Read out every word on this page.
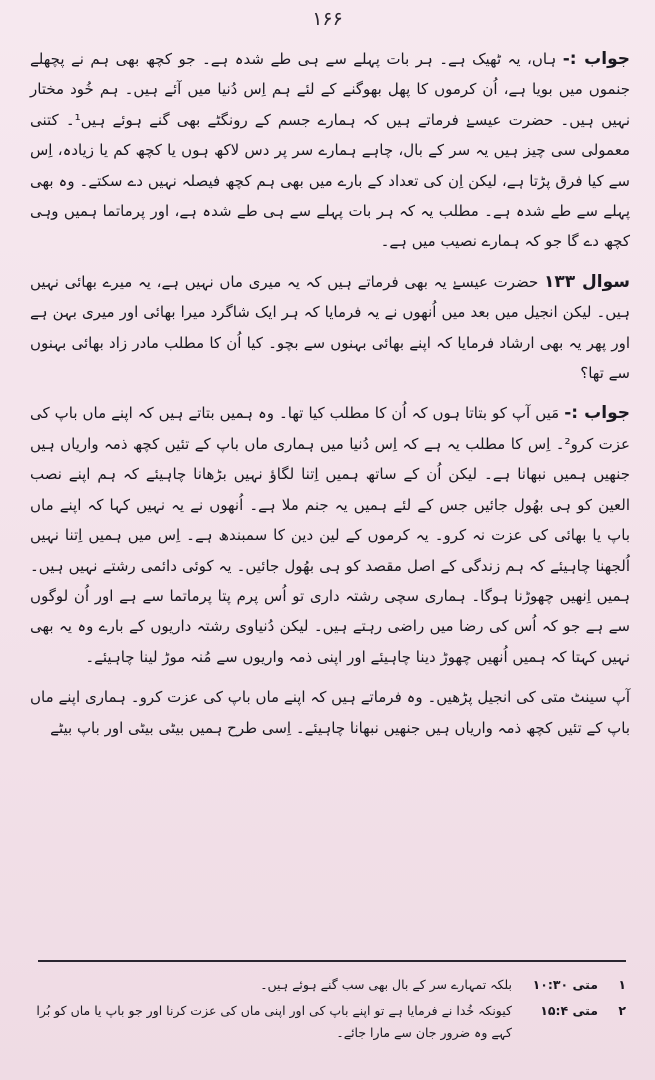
۱۶۶

جواب :- ہاں، یہ ٹھیک ہے۔ ہر بات پہلے سے ہی طے شدہ ہے۔ جو کچھ بھی ہم نے پچھلے جنموں میں بویا ہے، اُن کرموں کا پھل بھوگنے کے لئے ہم اِس دُنیا میں آئے ہیں۔ ہم خُود مختار نہیں ہیں۔ حضرت عیسےٰ فرماتے ہیں کہ ہمارے جسم کے رونگٹے بھی گنے ہوئے ہیں¹۔ کتنی معمولی سی چیز ہیں یہ سر کے بال، چاہے ہمارے سر پر دس لاکھ ہوں یا کچھ کم یا زیادہ، اِس سے کیا فرق پڑتا ہے، لیکن اِن کی تعداد کے بارے میں بھی ہم کچھ فیصلہ نہیں دے سکتے۔ وہ بھی پہلے سے طے شدہ ہے۔ مطلب یہ کہ ہر بات پہلے سے ہی طے شدہ ہے، اور پرماتما ہمیں وہی کچھ دے گا جو کہ ہمارے نصیب میں ہے۔

سوال ۱۳۳ حضرت عیسےٰ یہ بھی فرماتے ہیں کہ یہ میری ماں نہیں ہے، یہ میرے بھائی نہیں ہیں۔ لیکن انجیل میں بعد میں اُنھوں نے یہ فرمایا کہ ہر ایک شاگرد میرا بھائی اور میری بہن ہے اور پھر یہ بھی ارشاد فرمایا کہ اپنے بھائی بہنوں سے بچو۔ کیا اُن کا مطلب مادر زاد بھائی بہنوں سے تھا؟

جواب :- مَیں آپ کو بتاتا ہوں کہ اُن کا مطلب کیا تھا۔ وہ ہمیں بتاتے ہیں کہ اپنے ماں باپ کی عزت کرو²۔ اِس کا مطلب یہ ہے کہ اِس دُنیا میں ہماری ماں باپ کے تئیں کچھ ذمہ واریاں ہیں جنھیں ہمیں نبھانا ہے۔ لیکن اُن کے ساتھ ہمیں اِتنا لگاؤ نہیں بڑھانا چاہیئے کہ ہم اپنے نصب العین کو ہی بھُول جائیں جس کے لئے ہمیں یہ جنم ملا ہے۔ اُنھوں نے یہ نہیں کہا کہ اپنے ماں باپ یا بھائی کی عزت نہ کرو۔ یہ کرموں کے لین دین کا سمبندھ ہے۔ اِس میں ہمیں اِتنا نہیں اُلجھنا چاہیئے کہ ہم زندگی کے اصل مقصد کو ہی بھُول جائیں۔ یہ کوئی دائمی رشتے نہیں ہیں۔ ہمیں اِنھیں چھوڑنا ہوگا۔ ہماری سچی رشتہ داری تو اُس پرم پتا پرماتما سے ہے اور اُن لوگوں سے ہے جو کہ اُس کی رضا میں راضی رہتے ہیں۔ لیکن دُنیاوی رشتہ داریوں کے بارے وہ یہ بھی نہیں کہتا کہ ہمیں اُنھیں چھوڑ دینا چاہیئے اور اپنی ذمہ واریوں سے مُنہ موڑ لینا چاہیئے۔

آپ سینٹ متی کی انجیل پڑھیں۔ وہ فرماتے ہیں کہ اپنے ماں باپ کی عزت کرو۔ ہماری اپنے ماں باپ کے تئیں کچھ ذمہ واریاں ہیں جنھیں نبھانا چاہیئے۔ اِسی طرح ہمیں بیٹی بیٹی اور باپ بیٹے

۱
متی ۱۰:۳۰
بلکہ تمہارے سر کے بال بھی سب گنے ہوئے ہیں۔
۲
متی ۱۵:۴
کیونکہ خُدا نے فرمایا ہے تو اپنے باپ کی اور اپنی ماں کی عزت کرنا اور جو باپ یا ماں کو بُرا کہے وہ ضرور جان سے مارا جائے۔
